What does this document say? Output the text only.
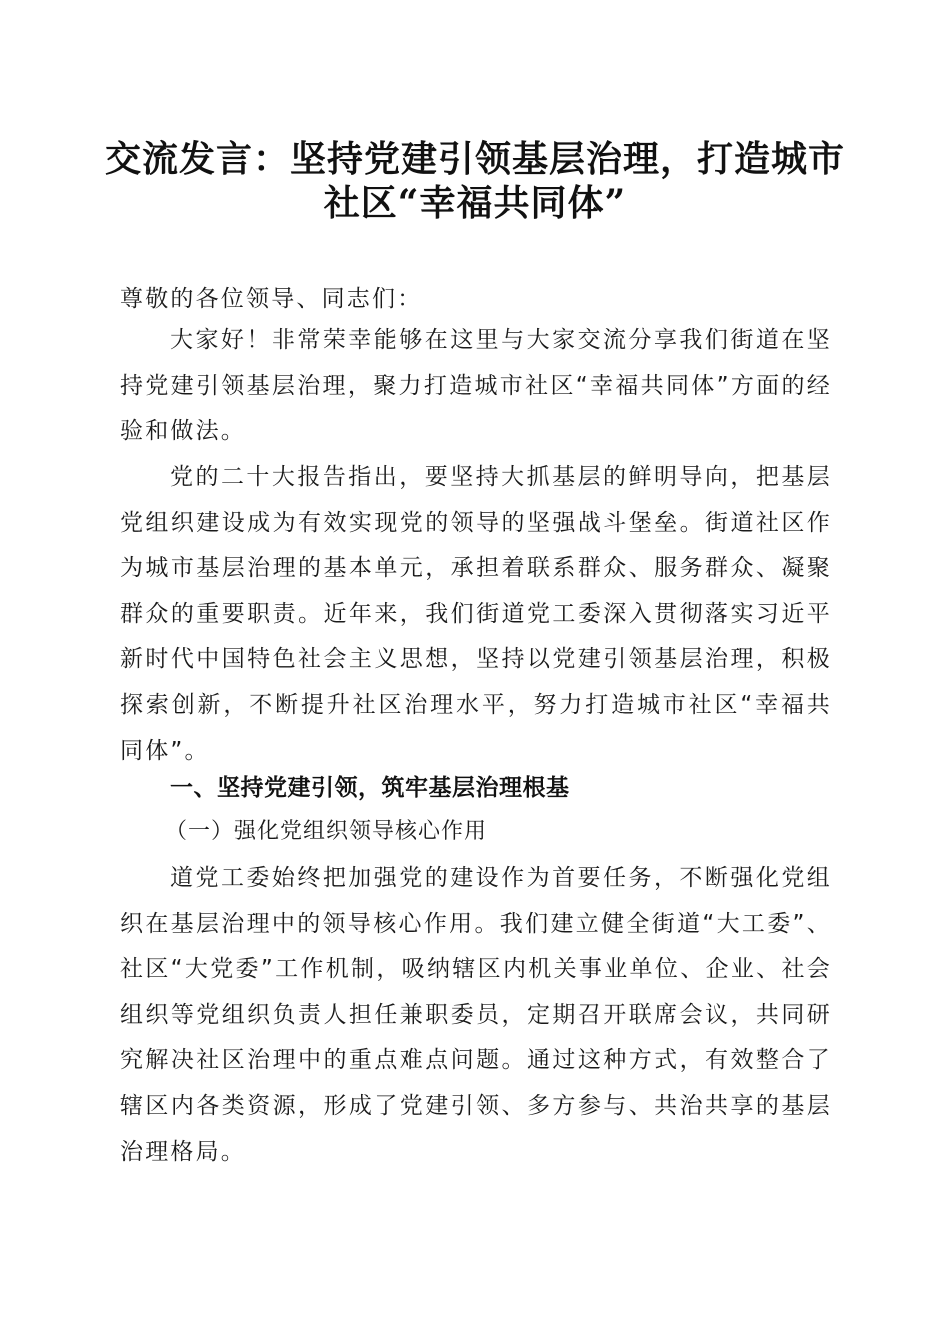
交流发言：坚持党建引领基层治理，打造城市
社区“幸福共同体”

尊敬的各位领导、同志们：

大家好！非常荣幸能够在这里与大家交流分享我们街道在坚持党建引领基层治理，聚力打造城市社区“幸福共同体”方面的经验和做法。

党的二十大报告指出，要坚持大抓基层的鲜明导向，把基层党组织建设成为有效实现党的领导的坚强战斗堡垒。街道社区作为城市基层治理的基本单元，承担着联系群众、服务群众、凝聚群众的重要职责。近年来，我们街道党工委深入贯彻落实习近平新时代中国特色社会主义思想，坚持以党建引领基层治理，积极探索创新，不断提升社区治理水平，努力打造城市社区“幸福共同体”。

一、坚持党建引领，筑牢基层治理根基

（一）强化党组织领导核心作用

道党工委始终把加强党的建设作为首要任务，不断强化党组织在基层治理中的领导核心作用。我们建立健全街道“大工委”、社区“大党委”工作机制，吸纳辖区内机关事业单位、企业、社会组织等党组织负责人担任兼职委员，定期召开联席会议，共同研究解决社区治理中的重点难点问题。通过这种方式，有效整合了辖区内各类资源，形成了党建引领、多方参与、共治共享的基层治理格局。
